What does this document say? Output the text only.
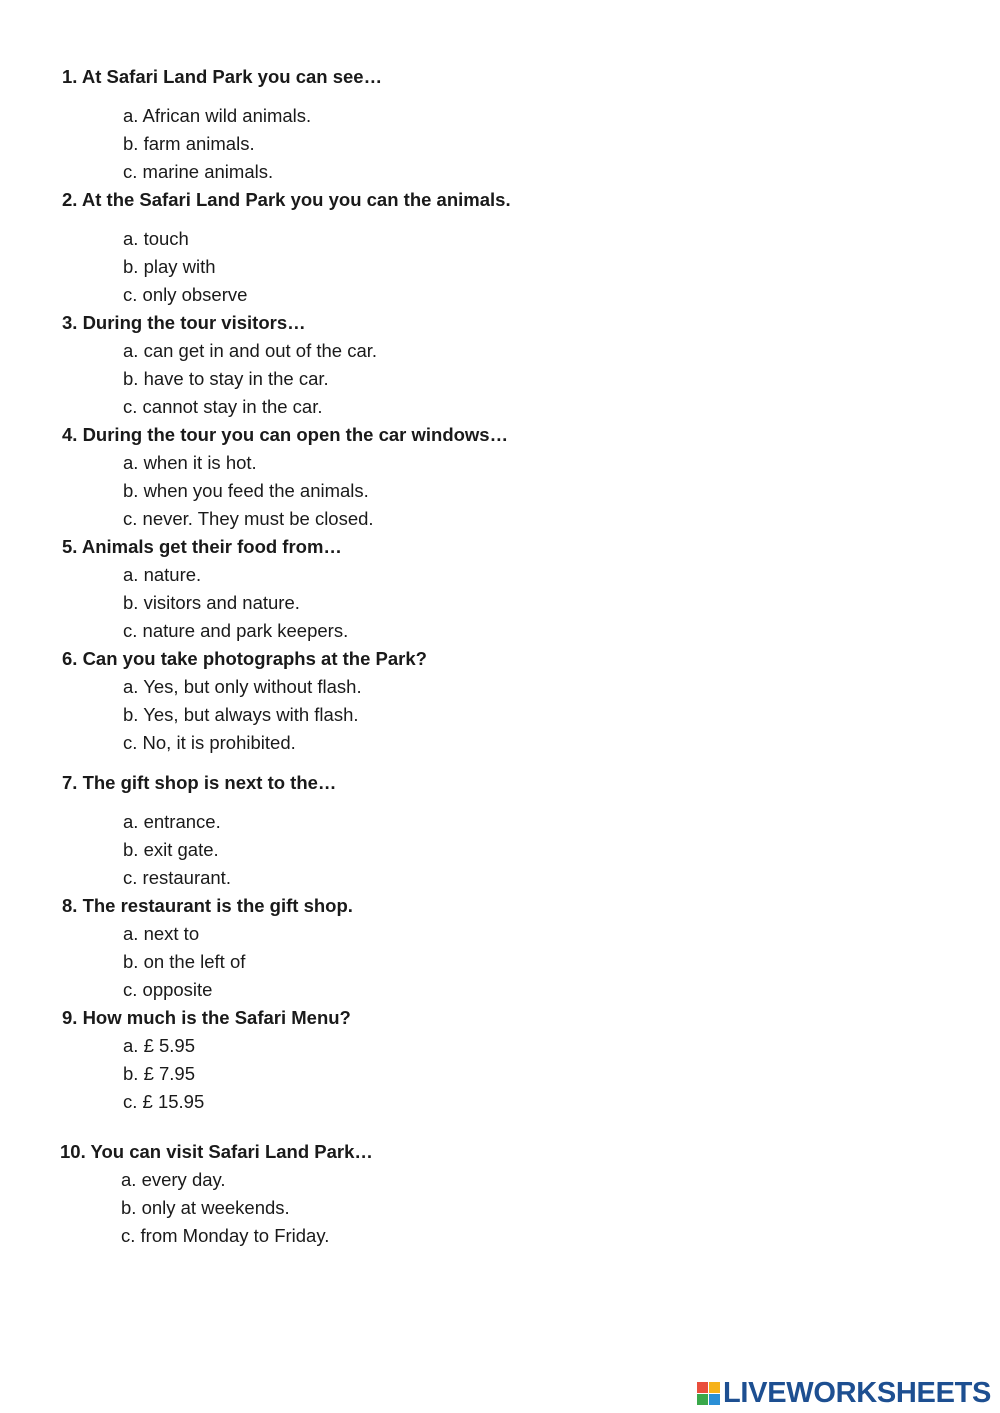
1. At Safari Land Park you can see…
a. African wild animals.
b. farm animals.
c. marine animals.
2. At the Safari Land Park you you can the animals.
a. touch
b. play with
c. only observe
3. During the tour visitors…
a. can get in and out of the car.
b. have to stay in the car.
c. cannot stay in the car.
4. During the tour you can open the car windows…
a. when it is hot.
b. when you feed the animals.
c. never. They must be closed.
5. Animals get their food from…
a. nature.
b. visitors and nature.
c. nature and park keepers.
6. Can you take photographs at the Park?
a. Yes, but only without flash.
b. Yes, but always with flash.
c. No, it is prohibited.
7. The gift shop is next to the…
a. entrance.
b. exit gate.
c. restaurant.
8. The restaurant is the gift shop.
a. next to
b. on the left of
c. opposite
9. How much is the Safari Menu?
a. £ 5.95
b. £ 7.95
c. £ 15.95
10. You can visit Safari Land Park…
a. every day.
b. only at weekends.
c. from Monday to Friday.
LIVEWORKSHEETS
